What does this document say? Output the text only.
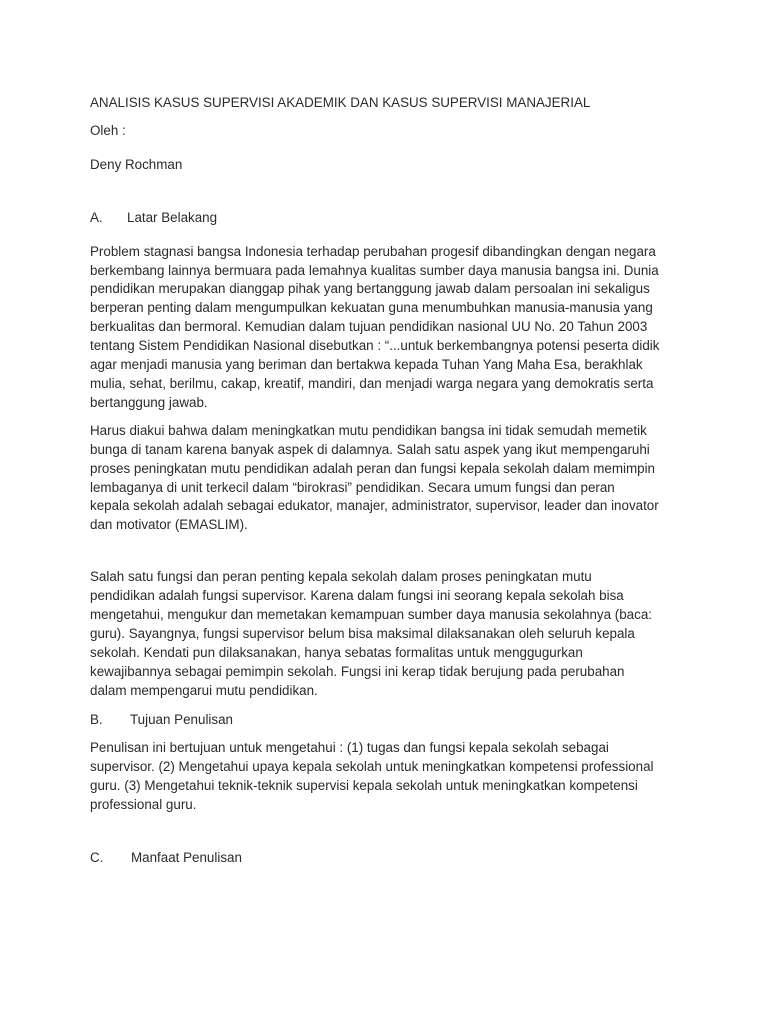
ANALISIS KASUS SUPERVISI AKADEMIK DAN KASUS SUPERVISI MANAJERIAL

Oleh :

Deny Rochman

A.	Latar Belakang

Problem stagnasi bangsa Indonesia terhadap perubahan progesif dibandingkan dengan negara

berkembang lainnya bermuara pada lemahnya kualitas sumber daya manusia bangsa ini. Dunia

pendidikan merupakan dianggap pihak yang bertanggung jawab dalam persoalan ini sekaligus

berperan penting dalam mengumpulkan kekuatan guna menumbuhkan manusia-manusia yang

berkualitas dan bermoral. Kemudian dalam tujuan pendidikan nasional UU No. 20 Tahun 2003

tentang Sistem Pendidikan Nasional disebutkan : “...untuk berkembangnya potensi peserta didik

agar menjadi manusia yang beriman dan bertakwa kepada Tuhan Yang Maha Esa, berakhlak

mulia, sehat, berilmu, cakap, kreatif, mandiri, dan menjadi warga negara yang demokratis serta

bertanggung jawab.

Harus diakui bahwa dalam meningkatkan mutu pendidikan bangsa ini tidak semudah memetik

bunga di tanam karena banyak aspek di dalamnya. Salah satu aspek yang ikut mempengaruhi

proses peningkatan mutu pendidikan adalah peran dan fungsi kepala sekolah dalam memimpin

lembaganya di unit terkecil dalam “birokrasi” pendidikan. Secara umum fungsi dan peran

kepala sekolah adalah sebagai edukator, manajer, administrator, supervisor, leader dan inovator

dan motivator (EMASLIM).

Salah satu fungsi dan peran penting kepala sekolah dalam proses peningkatan mutu

pendidikan adalah fungsi supervisor. Karena dalam fungsi ini seorang kepala sekolah bisa

mengetahui, mengukur dan memetakan kemampuan sumber daya manusia sekolahnya (baca:

guru). Sayangnya, fungsi supervisor belum bisa maksimal dilaksanakan oleh seluruh kepala

sekolah. Kendati pun dilaksanakan, hanya sebatas formalitas untuk menggugurkan

kewajibannya sebagai pemimpin sekolah. Fungsi ini kerap tidak berujung pada perubahan

dalam mempengarui mutu pendidikan.

B.	Tujuan Penulisan

Penulisan ini bertujuan untuk mengetahui : (1) tugas dan fungsi kepala sekolah sebagai

supervisor. (2) Mengetahui upaya kepala sekolah untuk meningkatkan kompetensi professional

guru. (3) Mengetahui teknik-teknik supervisi kepala sekolah untuk meningkatkan kompetensi

professional guru.

C.	Manfaat Penulisan
